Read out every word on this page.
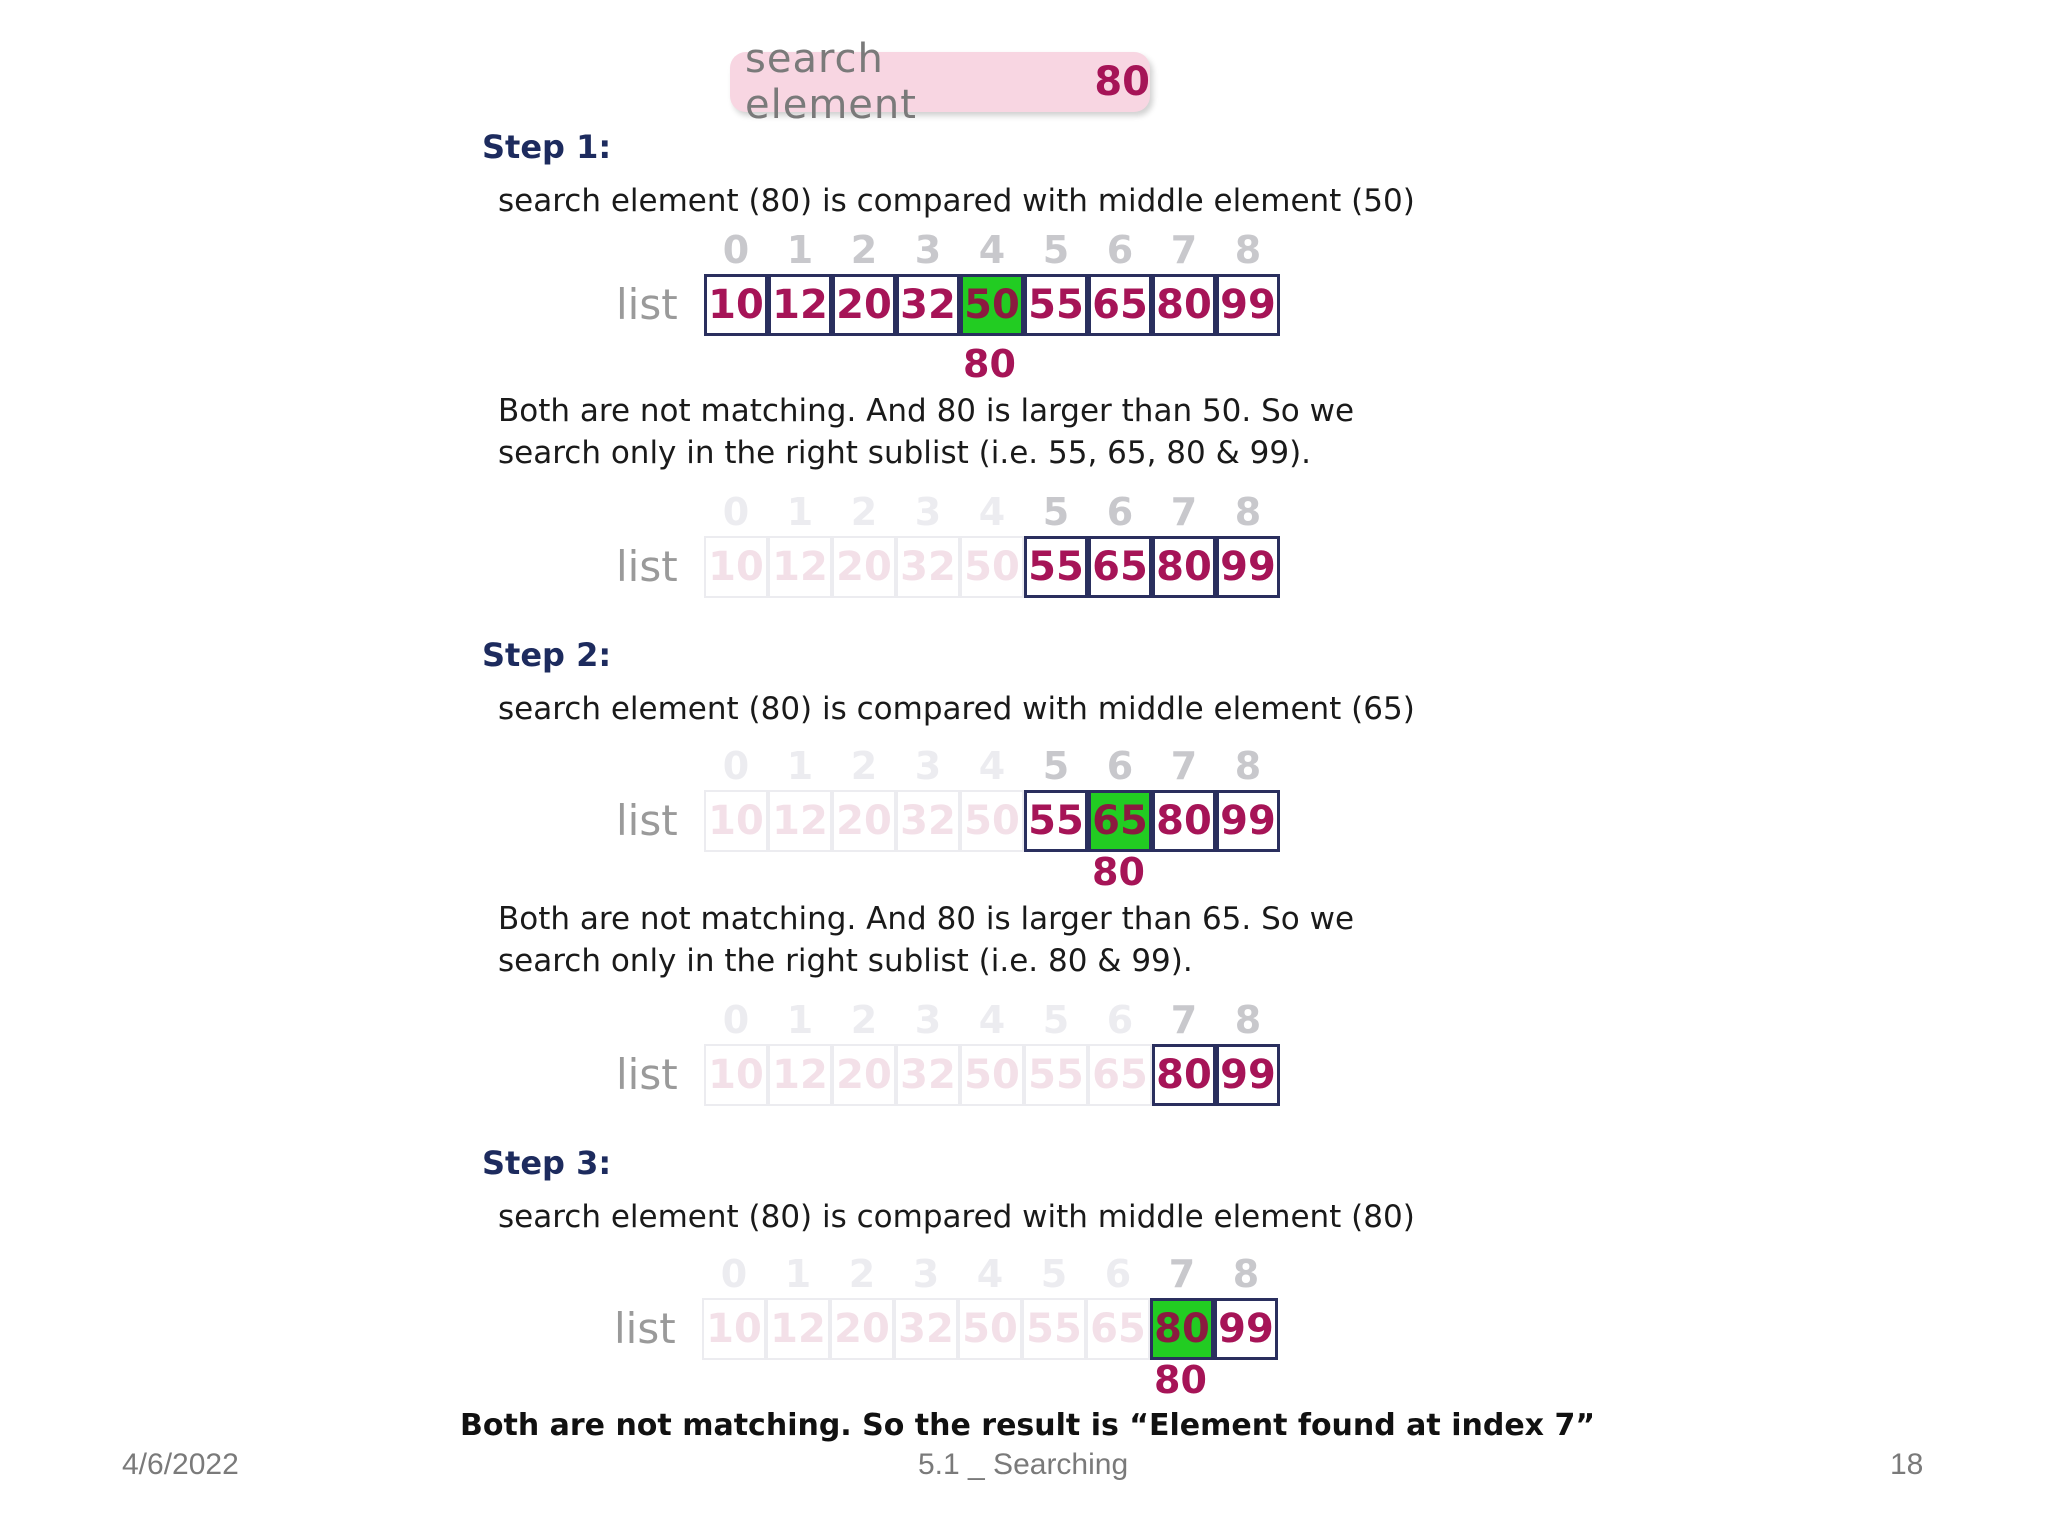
search element	80
Step 1:
search element (80) is compared with middle element (50)
list
0 1 2 3 4 5 6 7 8
10 12 20 32 50 55 65 80 99
80
Both are not matching. And 80 is larger than 50. So we
search only in the right sublist (i.e. 55, 65, 80 & 99).
list
0 1 2 3 4 5 6 7 8
10 12 20 32 50 55 65 80 99
Step 2:
search element (80) is compared with middle element (65)
list
0 1 2 3 4 5 6 7 8
10 12 20 32 50 55 65 80 99
80
Both are not matching. And 80 is larger than 65. So we
search only in the right sublist (i.e. 80 & 99).
list
0 1 2 3 4 5 6 7 8
10 12 20 32 50 55 65 80 99
Step 3:
search element (80) is compared with middle element (80)
list
0 1 2 3 4 5 6 7 8
10 12 20 32 50 55 65 80 99
80
Both are not matching. So the result is “Element found at index 7”
4/6/2022	5.1 _ Searching	18
